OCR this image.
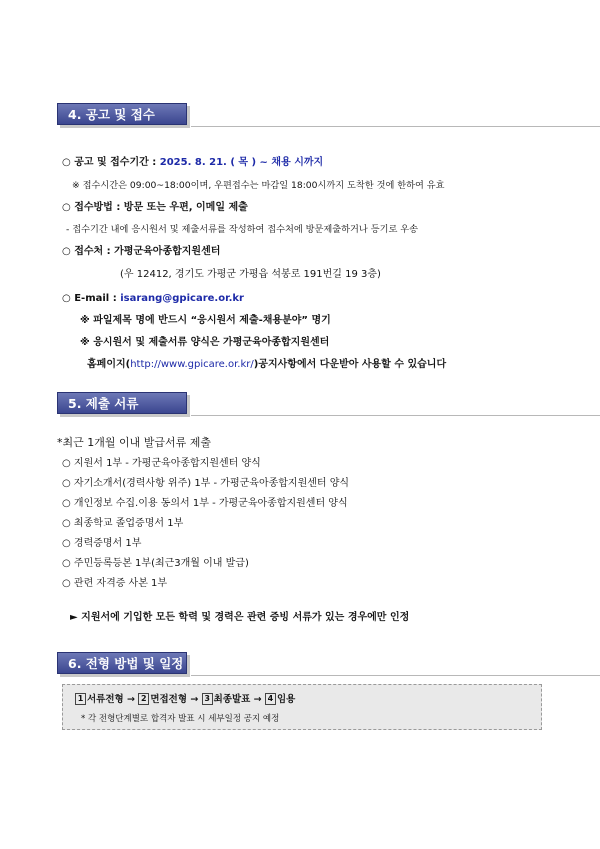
4. 공고 및 접수
○ 공고 및 접수기간 : 2025. 8. 21. ( 목 ) ~ 채용 시까지
※ 접수시간은 09:00~18:00이며, 우편접수는 마감일 18:00시까지 도착한 것에 한하여 유효
○ 접수방법 : 방문 또는 우편, 이메일 제출
- 접수기간 내에 응시원서 및 제출서류를 작성하여 접수처에 방문제출하거나 등기로 우송
○ 접수처 : 가평군육아종합지원센터
(우 12412, 경기도 가평군 가평읍 석봉로 191번길 19 3층)
○ E-mail : isarang@gpicare.or.kr
※ 파일제목 명에 반드시 “응시원서 제출-채용분야” 명기
※ 응시원서 및 제출서류 양식은 가평군육아종합지원센터
홈페이지(http://www.gpicare.or.kr/)공지사항에서 다운받아 사용할 수 있습니다
5. 제출 서류
*최근 1개월 이내 발급서류 제출
○ 지원서 1부 - 가평군육아종합지원센터 양식
○ 자기소개서(경력사항 위주) 1부 - 가평군육아종합지원센터 양식
○ 개인정보 수집.이용 동의서 1부 - 가평군육아종합지원센터 양식
○ 최종학교 졸업증명서 1부
○ 경력증명서 1부
○ 주민등록등본 1부(최근3개월 이내 발급)
○ 관련 자격증 사본 1부
► 지원서에 기입한 모든 학력 및 경력은 관련 증빙 서류가 있는 경우에만 인정
6. 전형 방법 및 일정
1 서류전형 → 2 면접전형 → 3 최종발표 → 4 임용
* 각 전형단계별로 합격자 발표 시 세부일정 공지 예정
